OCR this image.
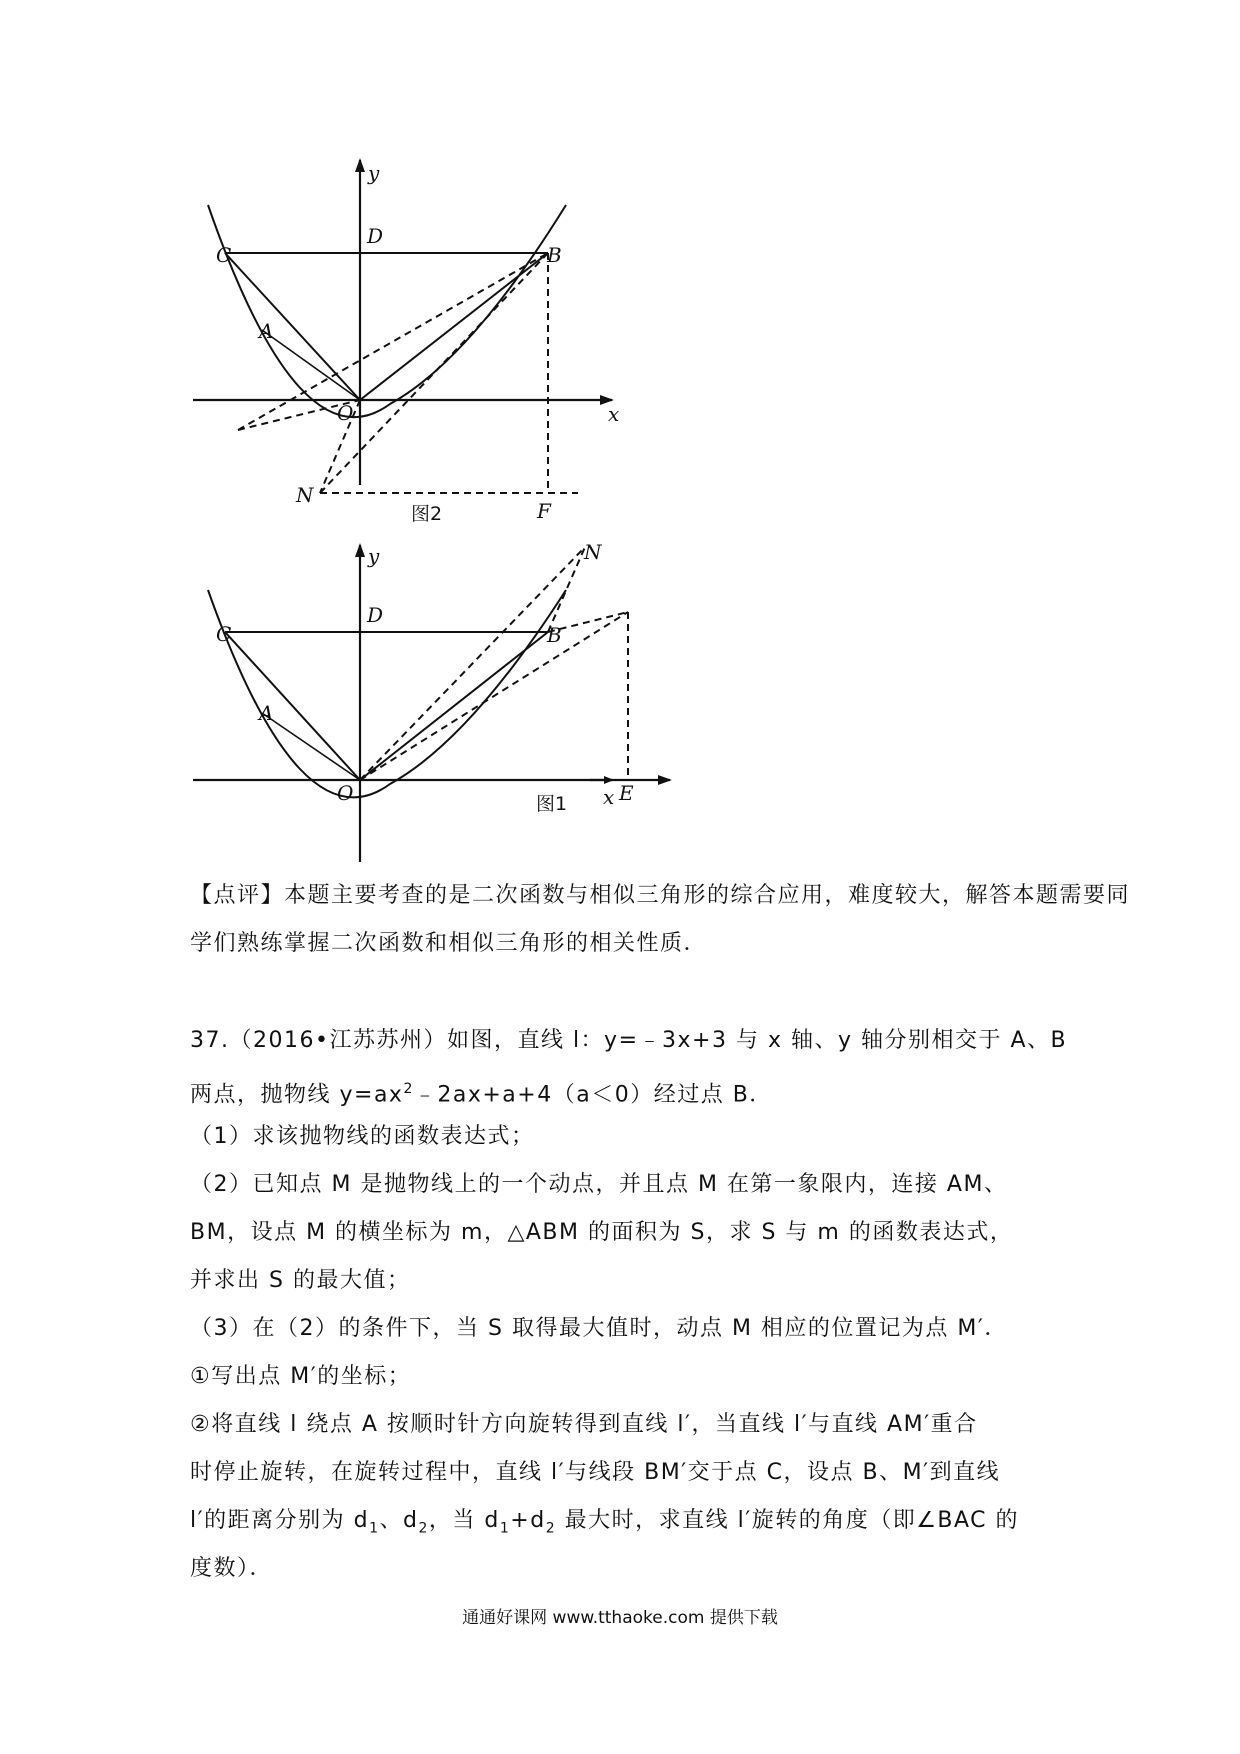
y
D
C	B
A
O	x
N
F
图2
y
D
C	B
A
O
N
x E
图1
【点评】本题主要考查的是二次函数与相似三角形的综合应用，难度较大，解答本题需要同
学们熟练掌握二次函数和相似三角形的相关性质．
37.（2016•江苏苏州）如图，直线 l：y=﹣3x+3 与 x 轴、y 轴分别相交于 A、B
两点，抛物线 $y=ax^2﹣2ax+a+4(a<0)$经过点 B．
（1）求该抛物线的函数表达式；
（2）已知点 M 是抛物线上的一个动点，并且点 M 在第一象限内，连接 AM、
BM，设点 M 的横坐标为 m，△ABM 的面积为 S，求 S 与 m 的函数表达式，
并求出 S 的最大值；
（3）在（2）的条件下，当 S 取得最大值时，动点 M 相应的位置记为点 M′．
①写出点 M′的坐标；
②将直线 l 绕点 A 按顺时针方向旋转得到直线 l′，当直线 l′与直线 AM′重合
时停止旋转，在旋转过程中，直线 l′与线段 BM′交于点 C，设点 B、M′到直线
l′的距离分别为 $d_1$、$d_2$，当 $d_1+d_2$ 最大时，求直线 l′旋转的角度（即∠BAC 的
度数）．
通通好课网 www.tthaoke.com 提供下载
